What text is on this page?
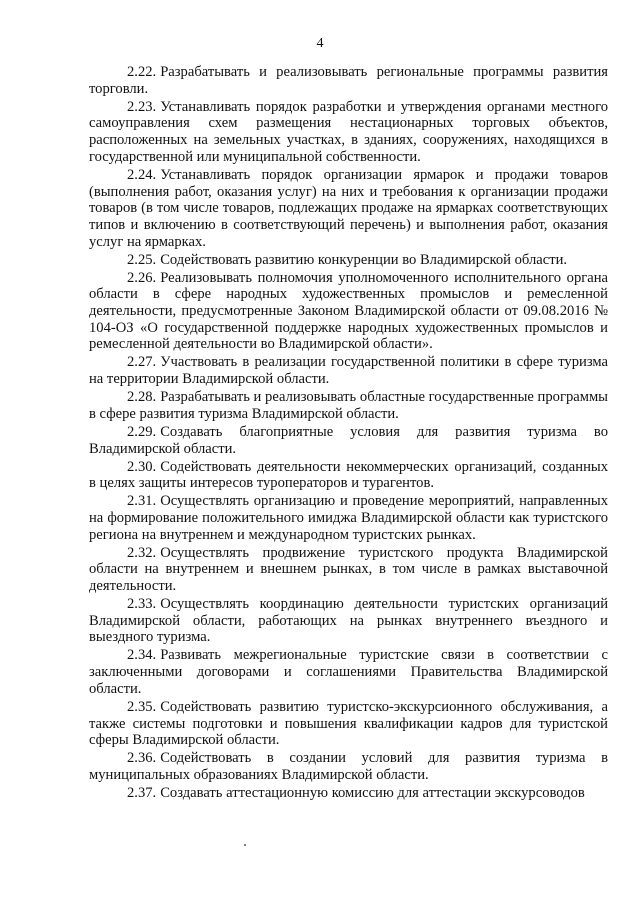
4

2.22. Разрабатывать и реализовывать региональные программы развития торговли.

2.23. Устанавливать порядок разработки и утверждения органами местного самоуправления схем размещения нестационарных торговых объектов, расположенных на земельных участках, в зданиях, сооружениях, находящихся в государственной или муниципальной собственности.

2.24. Устанавливать порядок организации ярмарок и продажи товаров (выполнения работ, оказания услуг) на них и требования к организации продажи товаров (в том числе товаров, подлежащих продаже на ярмарках соответствующих типов и включению в соответствующий перечень) и выполнения работ, оказания услуг на ярмарках.

2.25. Содействовать развитию конкуренции во Владимирской области.

2.26. Реализовывать полномочия уполномоченного исполнительного органа области в сфере народных художественных промыслов и ремесленной деятельности, предусмотренные Законом Владимирской области от 09.08.2016 № 104-ОЗ «О государственной поддержке народных художественных промыслов и ремесленной деятельности во Владимирской области».

2.27. Участвовать в реализации государственной политики в сфере туризма на территории Владимирской области.

2.28. Разрабатывать и реализовывать областные государственные программы в сфере развития туризма Владимирской области.

2.29. Создавать благоприятные условия для развития туризма во Владимирской области.

2.30. Содействовать деятельности некоммерческих организаций, созданных в целях защиты интересов туроператоров и турагентов.

2.31. Осуществлять организацию и проведение мероприятий, направленных на формирование положительного имиджа Владимирской области как туристского региона на внутреннем и международном туристских рынках.

2.32. Осуществлять продвижение туристского продукта Владимирской области на внутреннем и внешнем рынках, в том числе в рамках выставочной деятельности.

2.33. Осуществлять координацию деятельности туристских организаций Владимирской области, работающих на рынках внутреннего въездного и выездного туризма.

2.34. Развивать межрегиональные туристские связи в соответствии с заключенными договорами и соглашениями Правительства Владимирской области.

2.35. Содействовать развитию туристско-экскурсионного обслуживания, а также системы подготовки и повышения квалификации кадров для туристской сферы Владимирской области.

2.36. Содействовать в создании условий для развития туризма в муниципальных образованиях Владимирской области.

2.37. Создавать аттестационную комиссию для аттестации экскурсоводов
